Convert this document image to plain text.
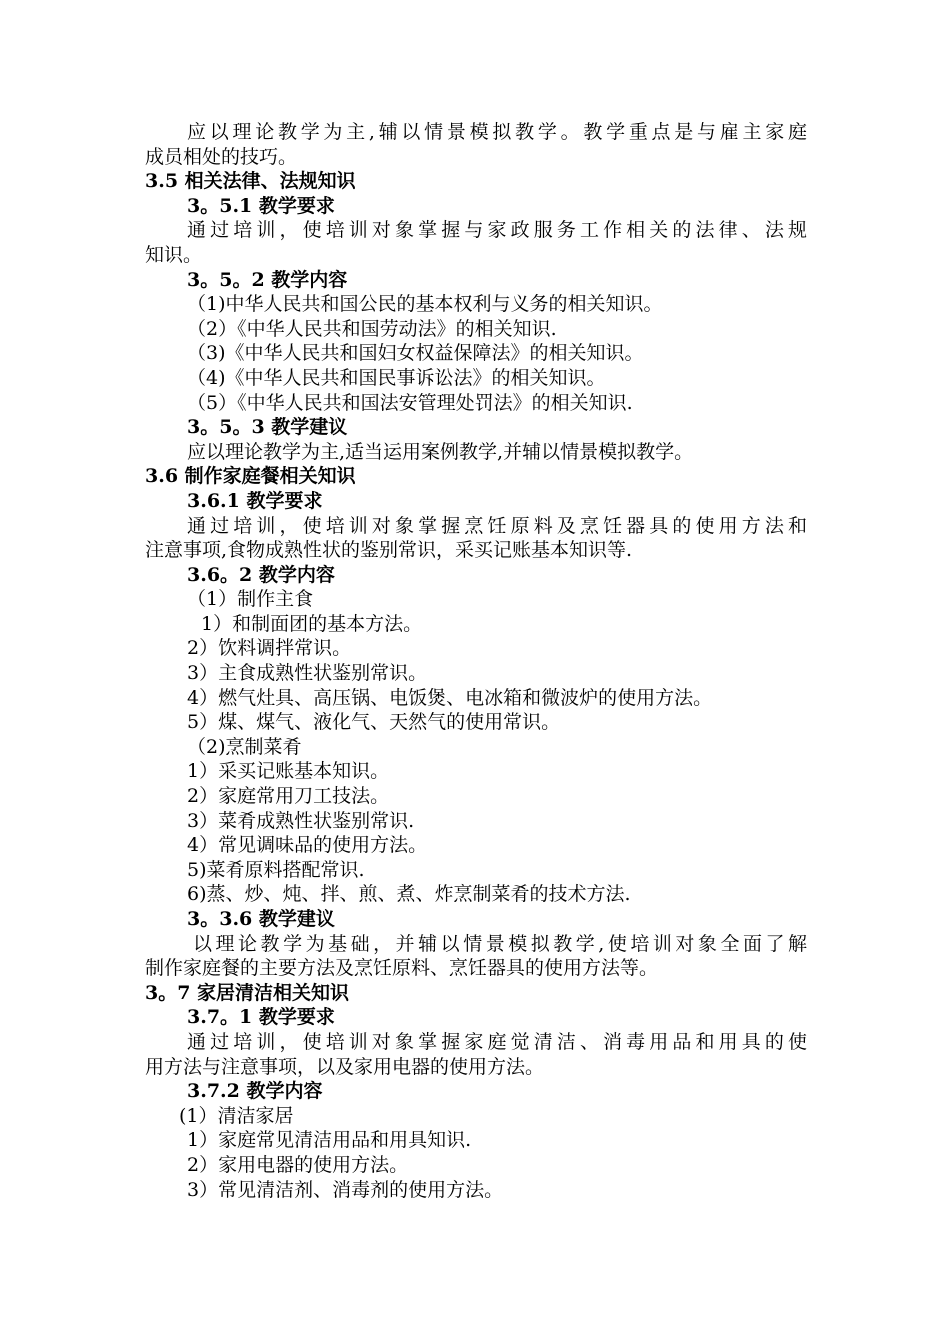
应以理论教学为主,辅以情景模拟教学。教学重点是与雇主家庭
成员相处的技巧。
3.5 相关法律、法规知识
3。5.1 教学要求
通过培训，使培训对象掌握与家政服务工作相关的法律、法规
知识。
3。5。2 教学内容
（1)中华人民共和国公民的基本权利与义务的相关知识。
（2）《中华人民共和国劳动法》的相关知识.
（3)《中华人民共和国妇女权益保障法》的相关知识。
（4)《中华人民共和国民事诉讼法》的相关知识。
（5）《中华人民共和国法安管理处罚法》的相关知识.
3。5。3 教学建议
应以理论教学为主,适当运用案例教学,并辅以情景模拟教学。
3.6 制作家庭餐相关知识
3.6.1 教学要求
通过培训，使培训对象掌握烹饪原料及烹饪器具的使用方法和
注意事项,食物成熟性状的鉴别常识，采买记账基本知识等.
3.6。2 教学内容
（1）制作主食
1）和制面团的基本方法。
2）饮料调拌常识。
3）主食成熟性状鉴别常识。
4）燃气灶具、高压锅、电饭煲、电冰箱和微波炉的使用方法。
5）煤、煤气、液化气、天然气的使用常识。
（2)烹制菜肴
1）采买记账基本知识。
2）家庭常用刀工技法。
3）菜肴成熟性状鉴别常识.
4）常见调味品的使用方法。
5)菜肴原料搭配常识.
6)蒸、炒、炖、拌、煎、煮、炸烹制菜肴的技术方法.
3。3.6 教学建议
以理论教学为基础，并辅以情景模拟教学,使培训对象全面了解
制作家庭餐的主要方法及烹饪原料、烹饪器具的使用方法等。
3。7 家居清洁相关知识
3.7。1 教学要求
通过培训，使培训对象掌握家庭觉清洁、消毒用品和用具的使
用方法与注意事项，以及家用电器的使用方法。
3.7.2 教学内容
(1）清洁家居
1）家庭常见清洁用品和用具知识.
2）家用电器的使用方法。
3）常见清洁剂、消毒剂的使用方法。
